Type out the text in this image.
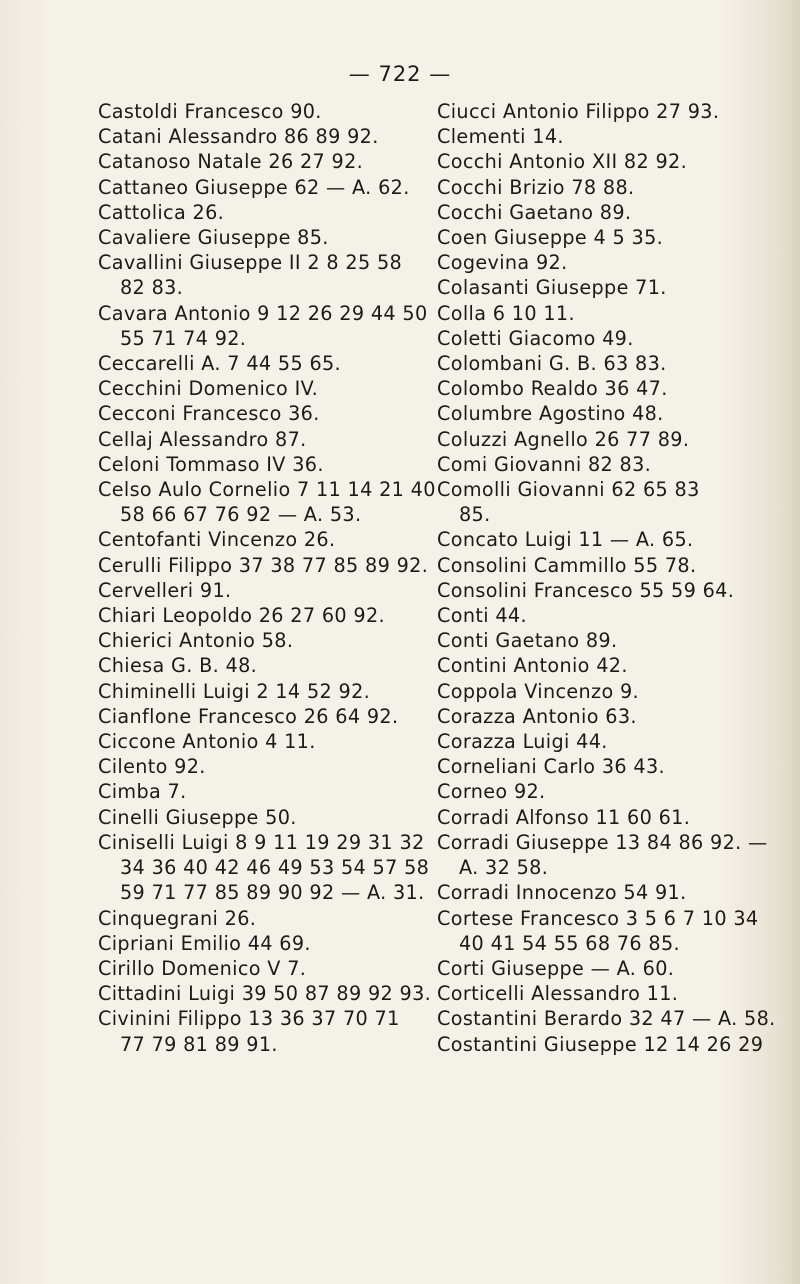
— 722 —
Castoldi Francesco 90.
Catani Alessandro 86 89 92.
Catanoso Natale 26 27 92.
Cattaneo Giuseppe 62 — A. 62.
Cattolica 26.
Cavaliere Giuseppe 85.
Cavallini Giuseppe II 2 8 25 58
82 83.
Cavara Antonio 9 12 26 29 44 50
55 71 74 92.
Ceccarelli A. 7 44 55 65.
Cecchini Domenico IV.
Cecconi Francesco 36.
Cellaj Alessandro 87.
Celoni Tommaso IV 36.
Celso Aulo Cornelio 7 11 14 21 40
58 66 67 76 92 — A. 53.
Centofanti Vincenzo 26.
Cerulli Filippo 37 38 77 85 89 92.
Cervelleri 91.
Chiari Leopoldo 26 27 60 92.
Chierici Antonio 58.
Chiesa G. B. 48.
Chiminelli Luigi 2 14 52 92.
Cianflone Francesco 26 64 92.
Ciccone Antonio 4 11.
Cilento 92.
Cimba 7.
Cinelli Giuseppe 50.
Ciniselli Luigi 8 9 11 19 29 31 32
34 36 40 42 46 49 53 54 57 58
59 71 77 85 89 90 92 — A. 31.
Cinquegrani 26.
Cipriani Emilio 44 69.
Cirillo Domenico V 7.
Cittadini Luigi 39 50 87 89 92 93.
Civinini Filippo 13 36 37 70 71
77 79 81 89 91.
Ciucci Antonio Filippo 27 93.
Clementi 14.
Cocchi Antonio XII 82 92.
Cocchi Brizio 78 88.
Cocchi Gaetano 89.
Coen Giuseppe 4 5 35.
Cogevina 92.
Colasanti Giuseppe 71.
Colla 6 10 11.
Coletti Giacomo 49.
Colombani G. B. 63 83.
Colombo Realdo 36 47.
Columbre Agostino 48.
Coluzzi Agnello 26 77 89.
Comi Giovanni 82 83.
Comolli Giovanni 62 65 83
85.
Concato Luigi 11 — A. 65.
Consolini Cammillo 55 78.
Consolini Francesco 55 59 64.
Conti 44.
Conti Gaetano 89.
Contini Antonio 42.
Coppola Vincenzo 9.
Corazza Antonio 63.
Corazza Luigi 44.
Corneliani Carlo 36 43.
Corneo 92.
Corradi Alfonso 11 60 61.
Corradi Giuseppe 13 84 86 92. —
A. 32 58.
Corradi Innocenzo 54 91.
Cortese Francesco 3 5 6 7 10 34
40 41 54 55 68 76 85.
Corti Giuseppe — A. 60.
Corticelli Alessandro 11.
Costantini Berardo 32 47 — A. 58.
Costantini Giuseppe 12 14 26 29
